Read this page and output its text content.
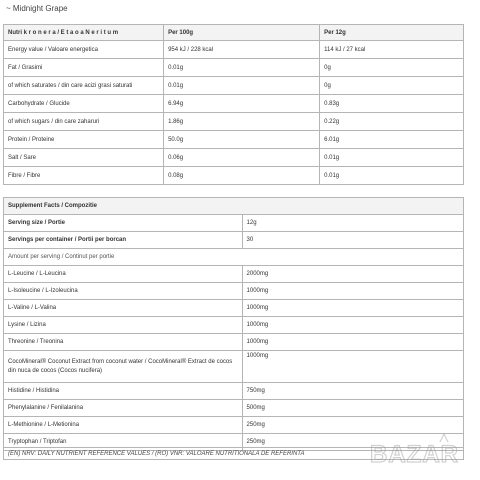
~ Midnight Grape
Nutri k r o n e r a / E t a o a N e r i t u m	Per 100g	Per 12g
Energy value / Valoare energetica	954 kJ / 228 kcal	114 kJ / 27 kcal
Fat / Grasimi	0.01g	0g
of which saturates / din care acizi grasi saturati	0.01g	0g
Carbohydrate / Glucide	6.94g	0.83g
of which sugars / din care zaharuri	1.86g	0.22g
Protein / Proteine	50.0g	6.01g
Salt / Sare	0.06g	0.01g
Fibre / Fibre	0.08g	0.01g
Supplement Facts / Compozitie	
Serving size / Portie	12g
Servings per container / Portii per borcan	30
Amount per serving / Continut per portie	
L-Leucine / L-Leucina	2000mg
L-Isoleucine / L-Izoleucina	1000mg
L-Valine / L-Valina	1000mg
Lysine / Lizina	1000mg
Threonine / Treonina	1000mg
CocoMineral® Coconut Extract from coconut water / CocoMineral® Extract de cocos din nuca de cocos (Cocos nucifera)	1000mg
Histidine / Histidina	750mg
Phenylalanine / Fenilalanina	500mg
L-Methionine / L-Metionina	250mg
Tryptophan / Triptofan	250mg
(EN) NRV: DAILY NUTRIENT REFERENCE VALUES / (RO) VNR: VALOARE NUTRITIONALA DE REFERINTA	BAZAR
